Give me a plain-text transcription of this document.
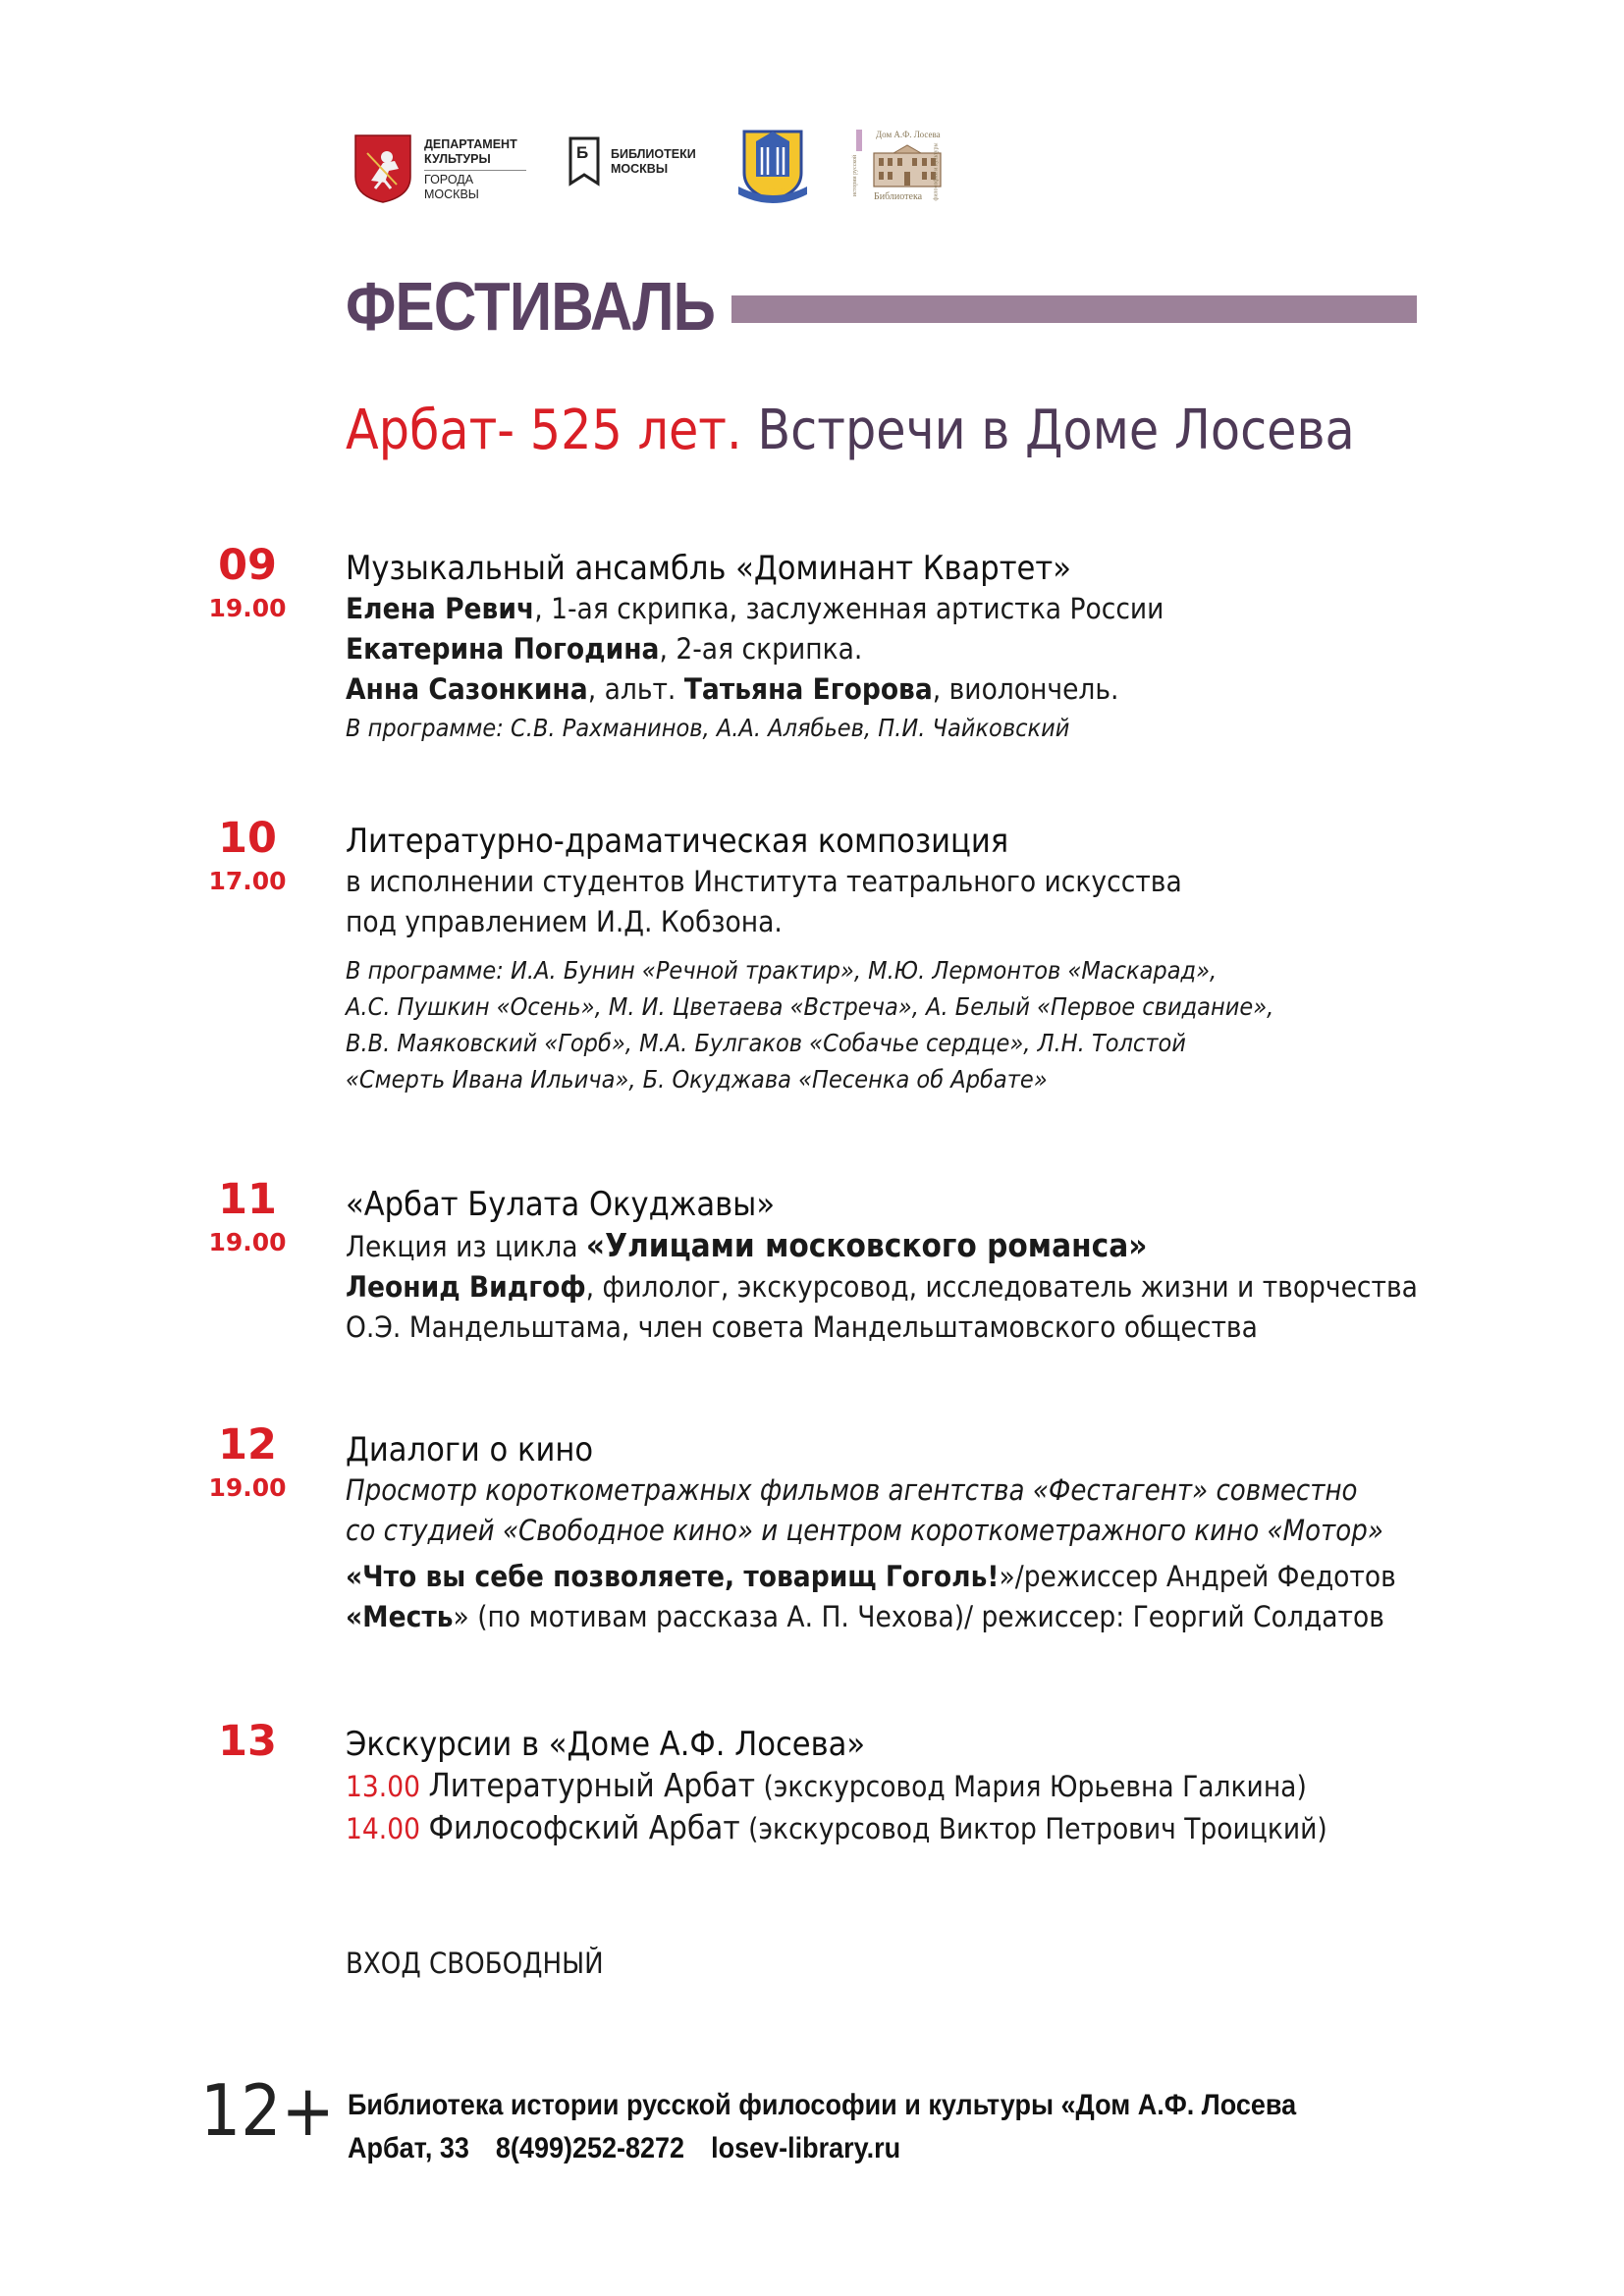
ДЕПАРТАМЕНТ
КУЛЬТУРЫ
ГОРОДА МОСКВЫ
Б БИБЛИОТЕКИ
МОСКВЫ
АРБАТ
Дом А.Ф. Лосева
истории русской	философии и культуры
Библиотека
ФЕСТИВАЛЬ
Арбат- 525 лет. Встречи в Доме Лосева
09
19.00
Музыкальный ансамбль «Доминант Квартет»
Елена Ревич, 1-ая скрипка, заслуженная артистка России
Екатерина Погодина, 2-ая скрипка.
Анна Сазонкина, альт. Татьяна Егорова, виолончель.
В программе: С.В. Рахманинов, А.А. Алябьев, П.И. Чайковский
10
17.00
Литературно-драматическая композиция
в исполнении студентов Института театрального искусства
под управлением И.Д. Кобзона.
В программе: И.А. Бунин «Речной трактир», М.Ю. Лермонтов «Маскарад»,
А.С. Пушкин «Осень», М. И. Цветаева «Встреча», А. Белый «Первое свидание»,
В.В. Маяковский «Горб», М.А. Булгаков «Собачье сердце», Л.Н. Толстой
«Смерть Ивана Ильича», Б. Окуджава «Песенка об Арбате»
11
19.00
«Арбат Булата Окуджавы»
Лекция из цикла «Улицами московского романса»
Леонид Видгоф, филолог, экскурсовод, исследователь жизни и творчества
О.Э. Мандельштама, член совета Мандельштамовского общества
12
19.00
Диалоги о кино
Просмотр короткометражных фильмов агентства «Фестагент» совместно
со студией «Свободное кино» и центром короткометражного кино «Мотор»
«Что вы себе позволяете, товарищ Гоголь!»/режиссер Андрей Федотов
«Месть» (по мотивам рассказа А. П. Чехова)/ режиссер: Георгий Солдатов
13 Экскурсии в «Доме А.Ф. Лосева»
13.00 Литературный Арбат (экскурсовод Мария Юрьевна Галкина)
14.00 Философский Арбат (экскурсовод Виктор Петрович Троицкий)
ВХОД СВОБОДНЫЙ
12+ Библиотека истории русской философии и культуры «Дом А.Ф. Лосева
Арбат, 33 8(499)252-8272 losev-library.ru
